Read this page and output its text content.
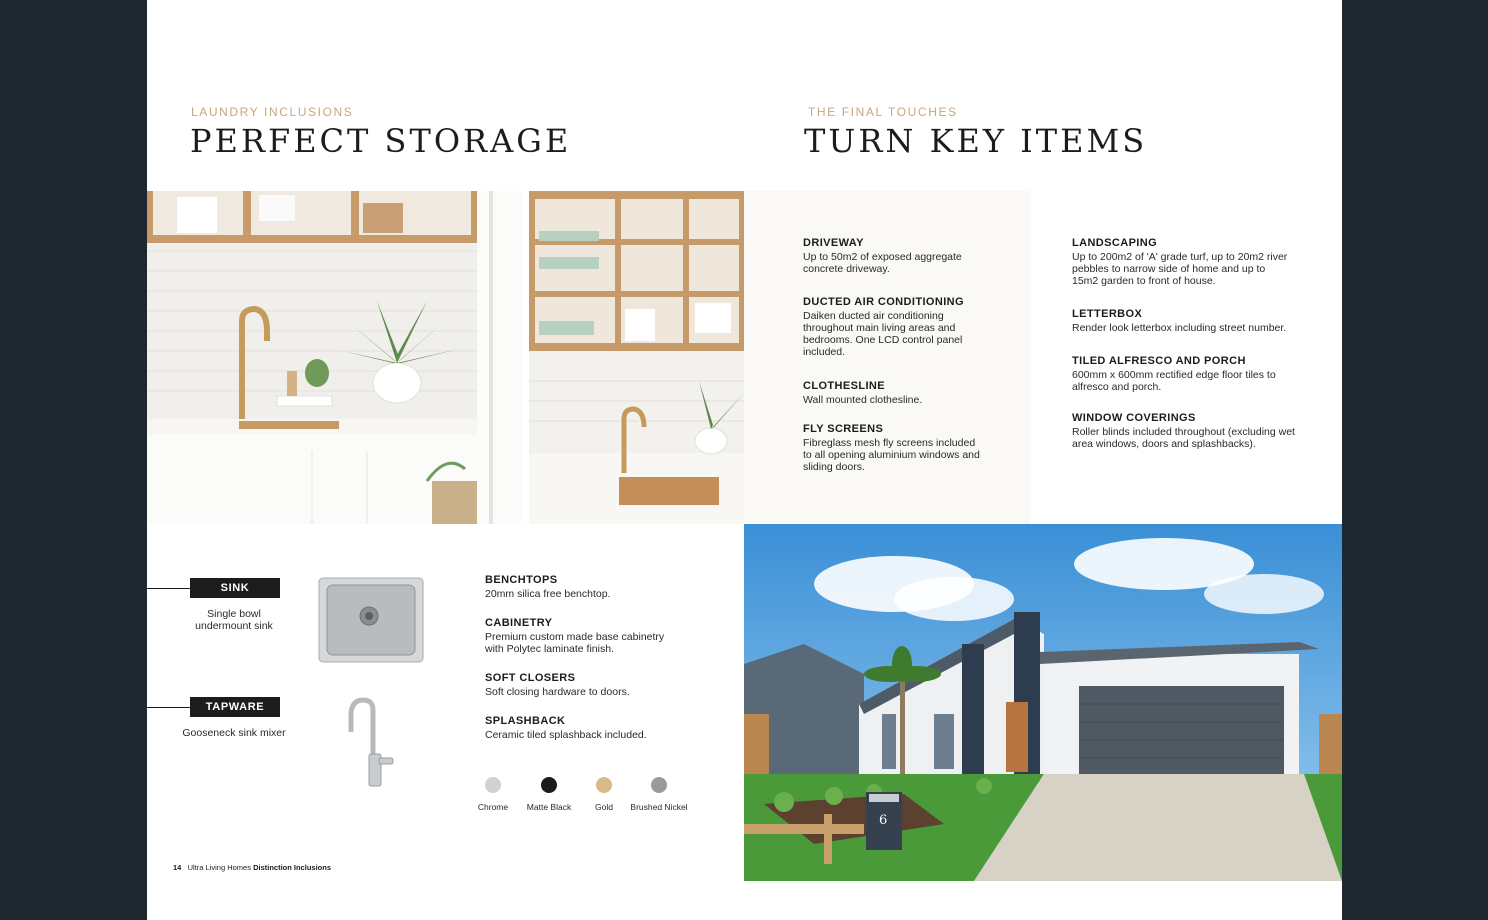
LAUNDRY INCLUSIONS
PERFECT STORAGE
THE FINAL TOUCHES
TURN KEY ITEMS

DRIVEWAY

Up to 50m2 of exposed aggregate concrete driveway.

DUCTED AIR CONDITIONING

Daiken ducted air conditioning throughout main living areas and bedrooms. One LCD control panel included.

CLOTHESLINE

Wall mounted clothesline.

FLY SCREENS

Fibreglass mesh fly screens included to all opening aluminium windows and sliding doors.

LANDSCAPING

Up to 200m2 of 'A' grade turf, up to 20m2 river pebbles to narrow side of home and up to 15m2 garden to front of house.

LETTERBOX

Render look letterbox including street number.

TILED ALFRESCO AND PORCH

600mm x 600mm rectified edge floor tiles to alfresco and porch.

WINDOW COVERINGS

Roller blinds included throughout (excluding wet area windows, doors and splashbacks).

6
SINK
Single bowl undermount sink
TAPWARE
Gooseneck sink mixer

BENCHTOPS

20mm silica free benchtop.

CABINETRY

Premium custom made base cabinetry with Polytec laminate finish.

SOFT CLOSERS

Soft closing hardware to doors.

SPLASHBACK

Ceramic tiled splashback included.

Chrome	Matte Black	Gold	Brushed Nickel
14 Ultra Living Homes Distinction Inclusions
